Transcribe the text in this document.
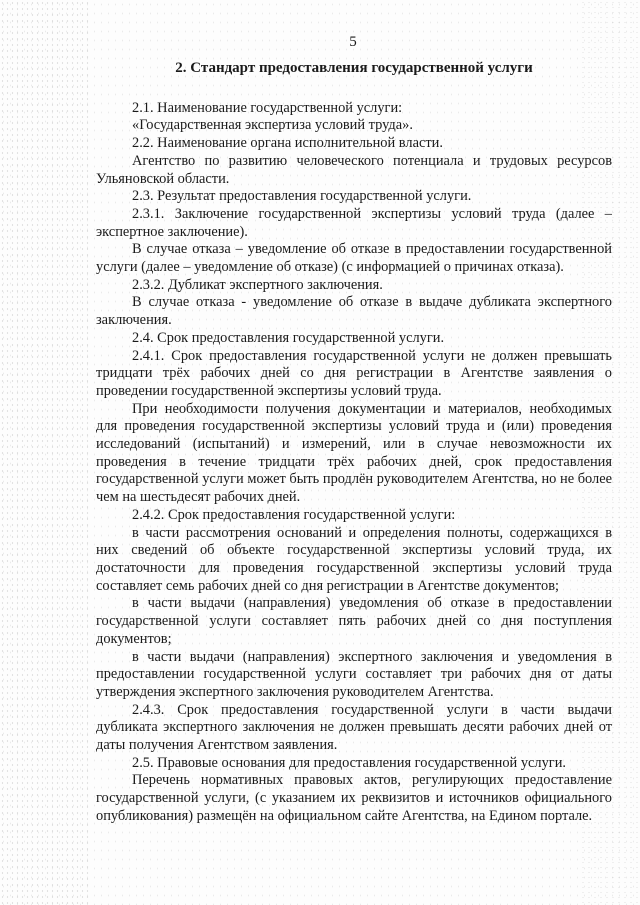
5
2. Стандарт предоставления государственной услуги

2.1. Наименование государственной услуги:

«Государственная экспертиза условий труда».

2.2. Наименование органа исполнительной власти.

Агентство по развитию человеческого потенциала и трудовых ресурсов Ульяновской области.

2.3. Результат предоставления государственной услуги.

2.3.1. Заключение государственной экспертизы условий труда (далее – экспертное заключение).

В случае отказа – уведомление об отказе в предоставлении государственной услуги (далее – уведомление об отказе) (с информацией о причинах отказа).

2.3.2. Дубликат экспертного заключения.

В случае отказа - уведомление об отказе в выдаче дубликата экспертного заключения.

2.4. Срок предоставления государственной услуги.

2.4.1. Срок предоставления государственной услуги не должен превышать тридцати трёх рабочих дней со дня регистрации в Агентстве заявления о проведении государственной экспертизы условий труда.

При необходимости получения документации и материалов, необходимых для проведения государственной экспертизы условий труда и (или) проведения исследований (испытаний) и измерений, или в случае невозможности их проведения в течение тридцати трёх рабочих дней, срок предоставления государственной услуги может быть продлён руководителем Агентства, но не более чем на шестьдесят рабочих дней.

2.4.2. Срок предоставления государственной услуги:

в части рассмотрения оснований и определения полноты, содержащихся в них сведений об объекте государственной экспертизы условий труда, их достаточности для проведения государственной экспертизы условий труда составляет семь рабочих дней со дня регистрации в Агентстве документов;

в части выдачи (направления) уведомления об отказе в предоставлении государственной услуги составляет пять рабочих дней со дня поступления документов;

в части выдачи (направления) экспертного заключения и уведомления в предоставлении государственной услуги составляет три рабочих дня от даты утверждения экспертного заключения руководителем Агентства.

2.4.3. Срок предоставления государственной услуги в части выдачи дубликата экспертного заключения не должен превышать десяти рабочих дней от даты получения Агентством заявления.

2.5. Правовые основания для предоставления государственной услуги.

Перечень нормативных правовых актов, регулирующих предоставление государственной услуги, (с указанием их реквизитов и источников официального опубликования) размещён на официальном сайте Агентства, на Едином портале.
